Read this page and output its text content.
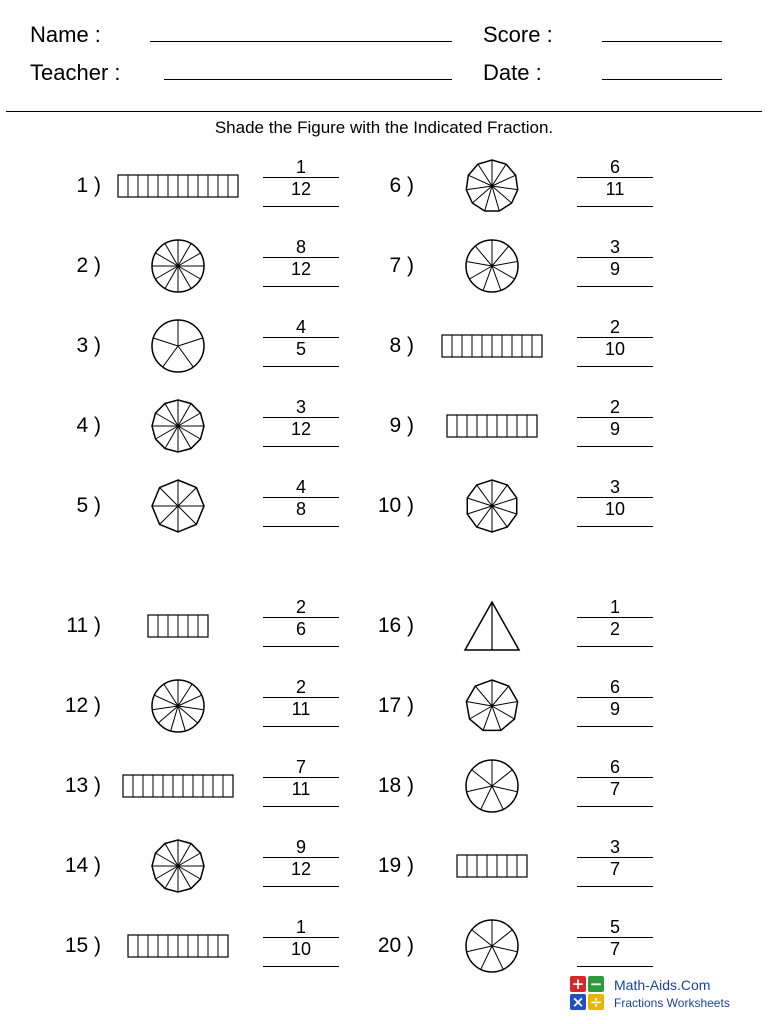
Name :
Teacher :
Score :
Date :
Shade the Figure with the Indicated Fraction.
1 )
1
12
2 )
8
12
3 )
4
5
4 )
3
12
5 )
4
8
6 )
6
11
7 )
3
9
8 )
2
10
9 )
2
9
10 )
3
10
11 )
2
6
12 )
2
11
13 )
7
11
14 )
9
12
15 )
1
10
16 )
1
2
17 )
6
9
18 )
6
7
19 )
3
7
20 )
5
7
+ −
× ÷
Math-Aids.Com
Fractions Worksheets
